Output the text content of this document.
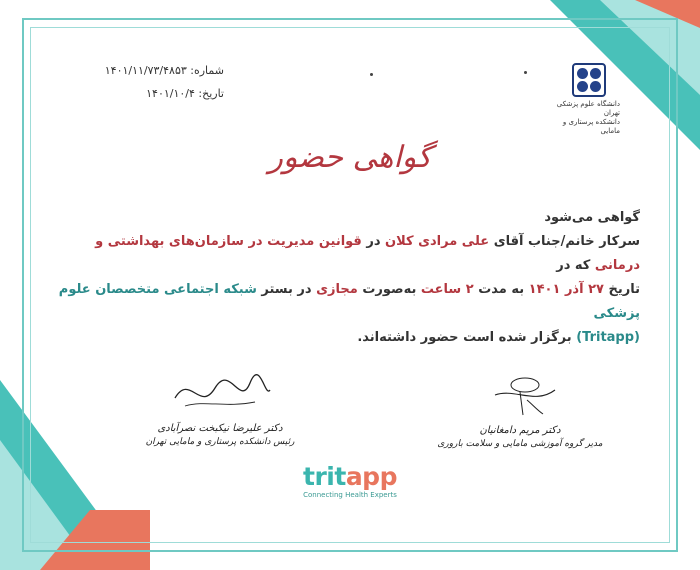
دانشگاه علوم پزشکی تهران
دانشکده پرستاری و مامایی
شماره: ۱۴۰۱/۱۱/۷۳/۴۸۵۳
تاریخ: ۱۴۰۱/۱۰/۴
گواهی حضور

گواهی می‌شود

سرکار خانم/جناب آقای علی مرادی کلان در قوانین مدیریت در سازمان‌های بهداشتی و درمانی که در

تاریخ ۲۷ آذر ۱۴۰۱ به مدت ۲ ساعت به‌صورت مجازی در بستر شبکه اجتماعی متخصصان علوم پزشکی

(Tritapp) برگزار شده است حضور داشته‌اند.

دکتر علیرضا نیکبخت نصرآبادی
رئیس دانشکده پرستاری و مامایی تهران
دکتر مریم دامغانیان
مدیر گروه آموزشی مامایی و سلامت باروری
tritapp
Connecting Health Experts
